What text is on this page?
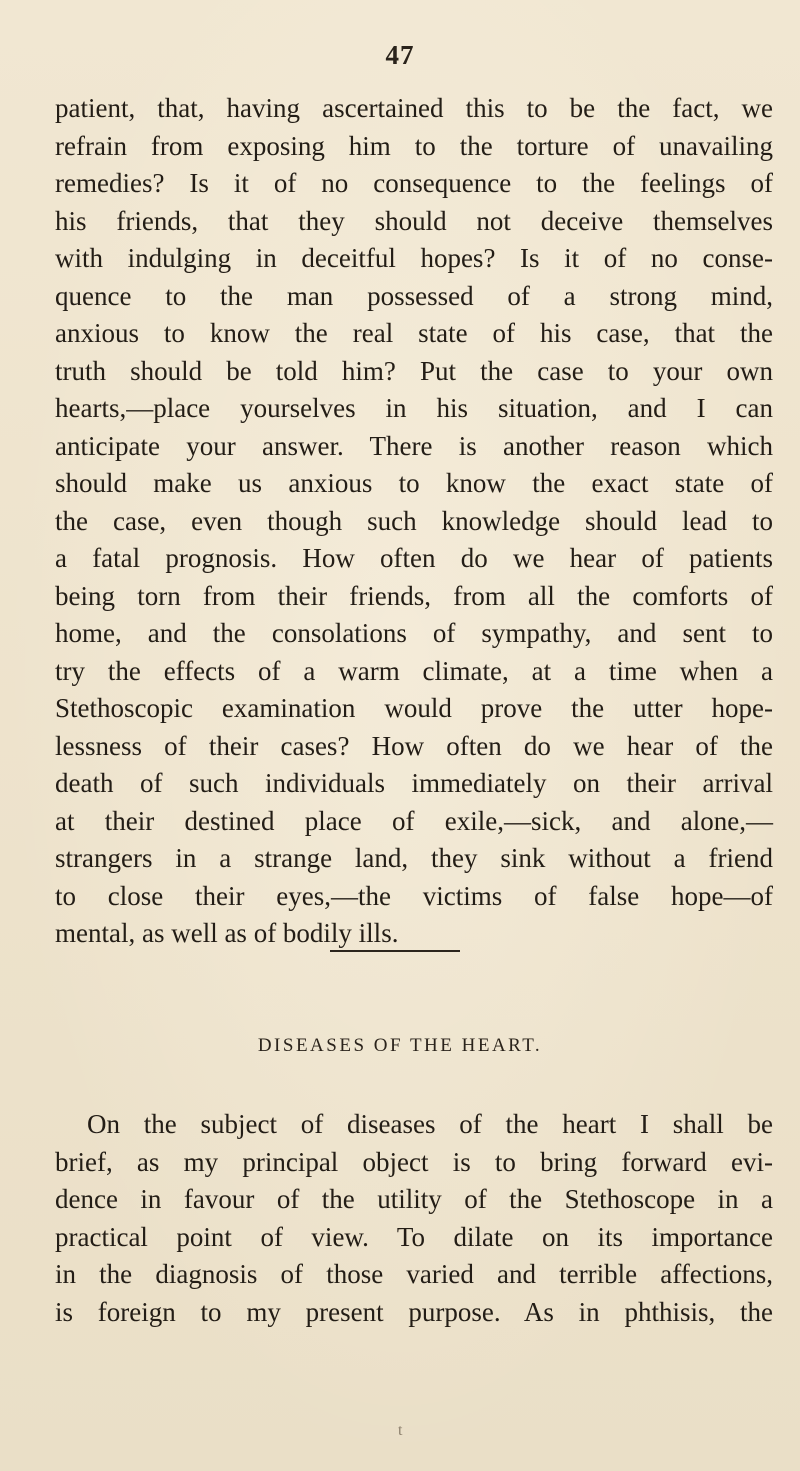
47
patient, that, having ascertained this to be the fact, we
refrain from exposing him to the torture of unavailing
remedies? Is it of no consequence to the feelings of
his friends, that they should not deceive themselves
with indulging in deceitful hopes? Is it of no conse-
quence to the man possessed of a strong mind,
anxious to know the real state of his case, that the
truth should be told him? Put the case to your own
hearts,—place yourselves in his situation, and I can
anticipate your answer. There is another reason which
should make us anxious to know the exact state of
the case, even though such knowledge should lead to
a fatal prognosis. How often do we hear of patients
being torn from their friends, from all the comforts of
home, and the consolations of sympathy, and sent to
try the effects of a warm climate, at a time when a
Stethoscopic examination would prove the utter hope-
lessness of their cases? How often do we hear of the
death of such individuals immediately on their arrival
at their destined place of exile,—sick, and alone,—
strangers in a strange land, they sink without a friend
to close their eyes,—the victims of false hope—of
mental, as well as of bodily ills.
DISEASES OF THE HEART.
On the subject of diseases of the heart I shall be
brief, as my principal object is to bring forward evi-
dence in favour of the utility of the Stethoscope in a
practical point of view. To dilate on its importance
in the diagnosis of those varied and terrible affections,
is foreign to my present purpose. As in phthisis, the
t
